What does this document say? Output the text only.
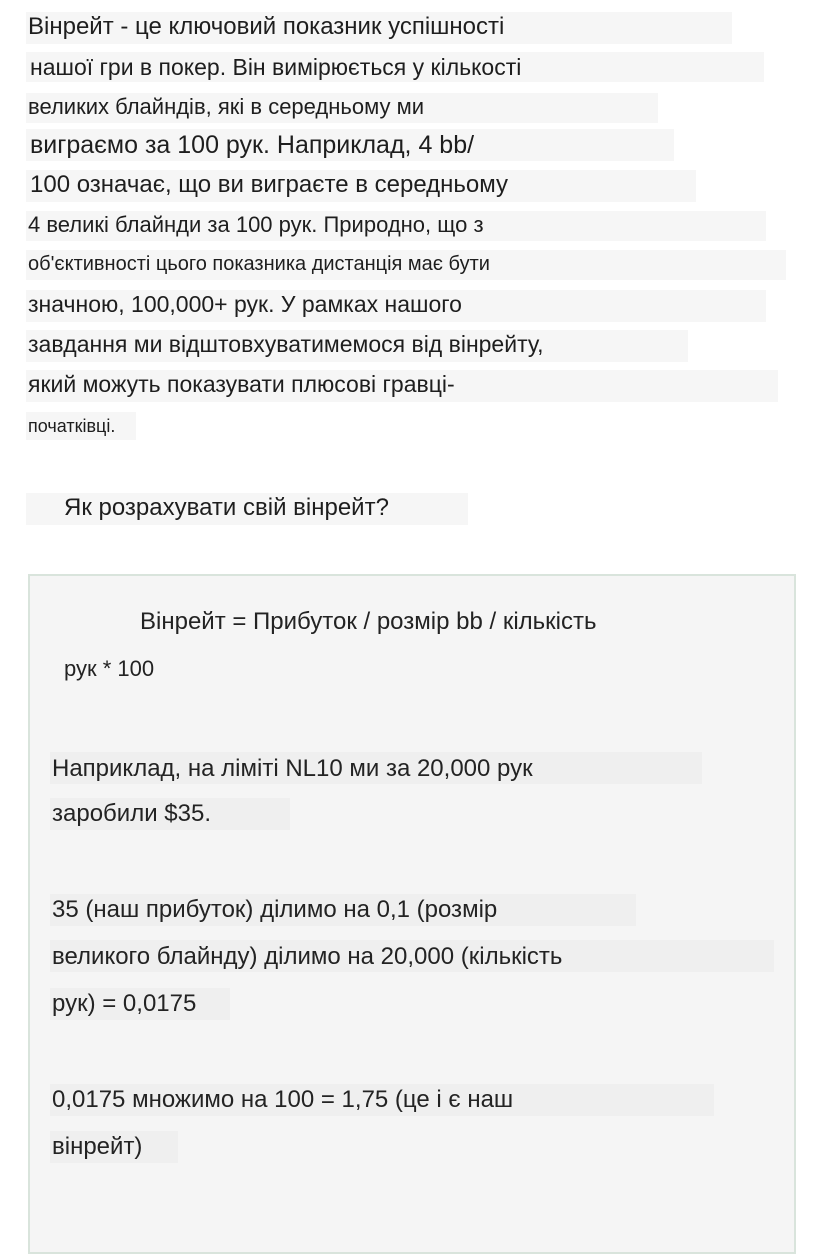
Вінрейт - це ключовий показник успішності
нашої гри в покер. Він вимірюється у кількості
великих блайндів, які в середньому ми
виграємо за 100 рук. Наприклад, 4 bb/
100 означає, що ви виграєте в середньому
4 великі блайнди за 100 рук. Природно, що з
об'єктивності цього показника дистанція має бути
значною, 100,000+ рук. У рамках нашого
завдання ми відштовхуватимемося від вінрейту,
який можуть показувати плюсові гравці-
початківці.
Як розрахувати свій вінрейт?
Вінрейт = Прибуток / розмір bb / кількість
рук * 100
Наприклад, на ліміті NL10 ми за 20,000 рук
заробили $35.
35 (наш прибуток) ділимо на 0,1 (розмір
великого блайнду) ділимо на 20,000 (кількість
рук) = 0,0175
0,0175 множимо на 100 = 1,75 (це і є наш
вінрейт)
